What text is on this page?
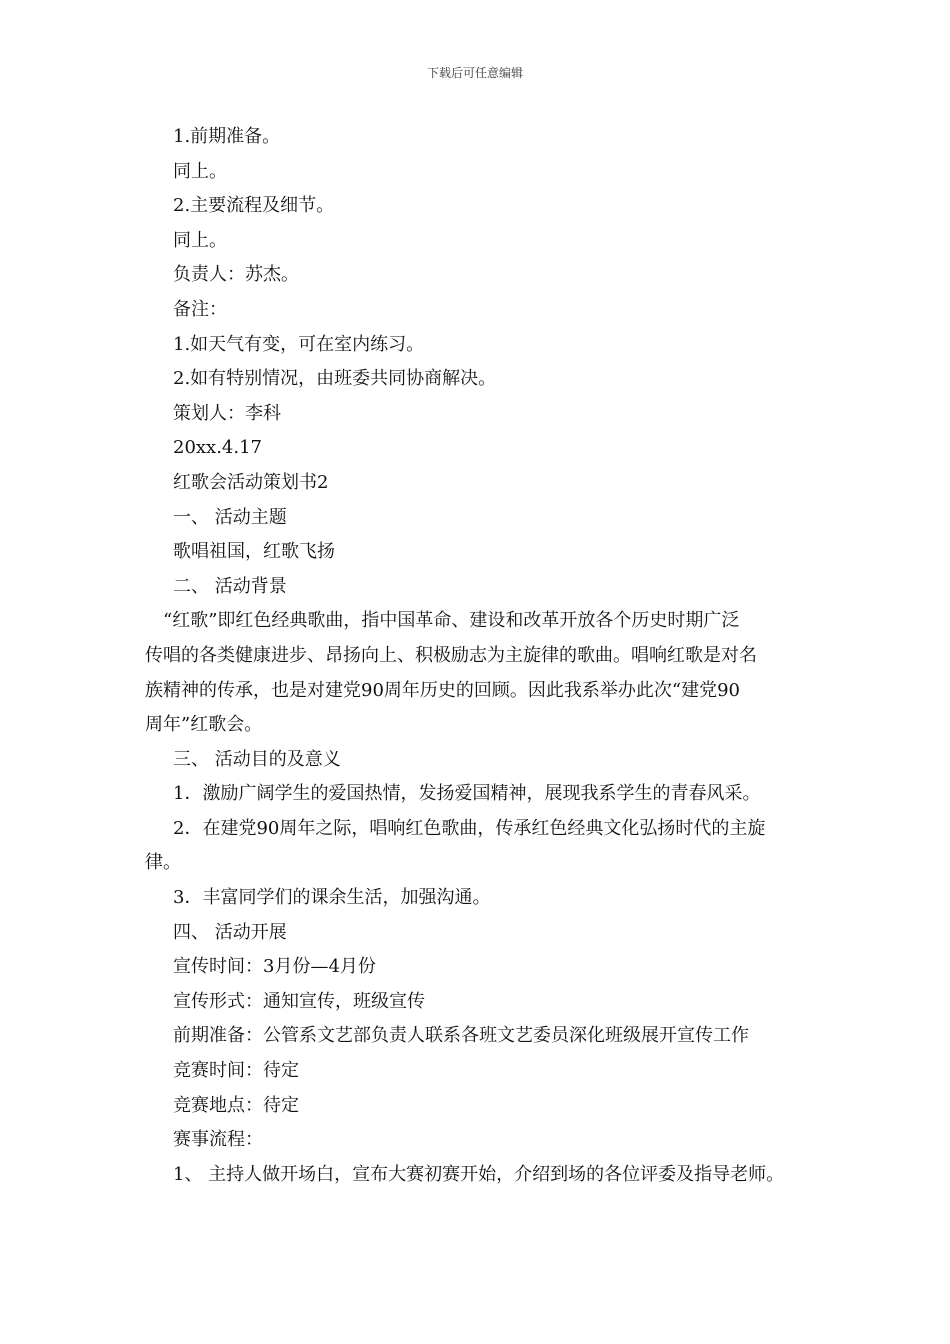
下载后可任意编辑
1.前期准备。
同上。
2.主要流程及细节。
同上。
负责人：苏杰。
备注：
1.如天气有变，可在室内练习。
2.如有特别情况，由班委共同协商解决。
策划人：李科
20xx.4.17
红歌会活动策划书2
一、 活动主题
歌唱祖国，红歌飞扬
二、 活动背景
“红歌”即红色经典歌曲，指中国革命、建设和改革开放各个历史时期广泛
传唱的各类健康进步、昂扬向上、积极励志为主旋律的歌曲。唱响红歌是对名
族精神的传承，也是对建党90周年历史的回顾。因此我系举办此次“建党90
周年”红歌会。
三、 活动目的及意义
1．激励广阔学生的爱国热情，发扬爱国精神，展现我系学生的青春风采。
2．在建党90周年之际，唱响红色歌曲，传承红色经典文化弘扬时代的主旋
律。
3．丰富同学们的课余生活，加强沟通。
四、 活动开展
宣传时间：3月份—4月份
宣传形式：通知宣传，班级宣传
前期准备：公管系文艺部负责人联系各班文艺委员深化班级展开宣传工作
竞赛时间：待定
竞赛地点：待定
赛事流程：
1、 主持人做开场白，宣布大赛初赛开始，介绍到场的各位评委及指导老师。
